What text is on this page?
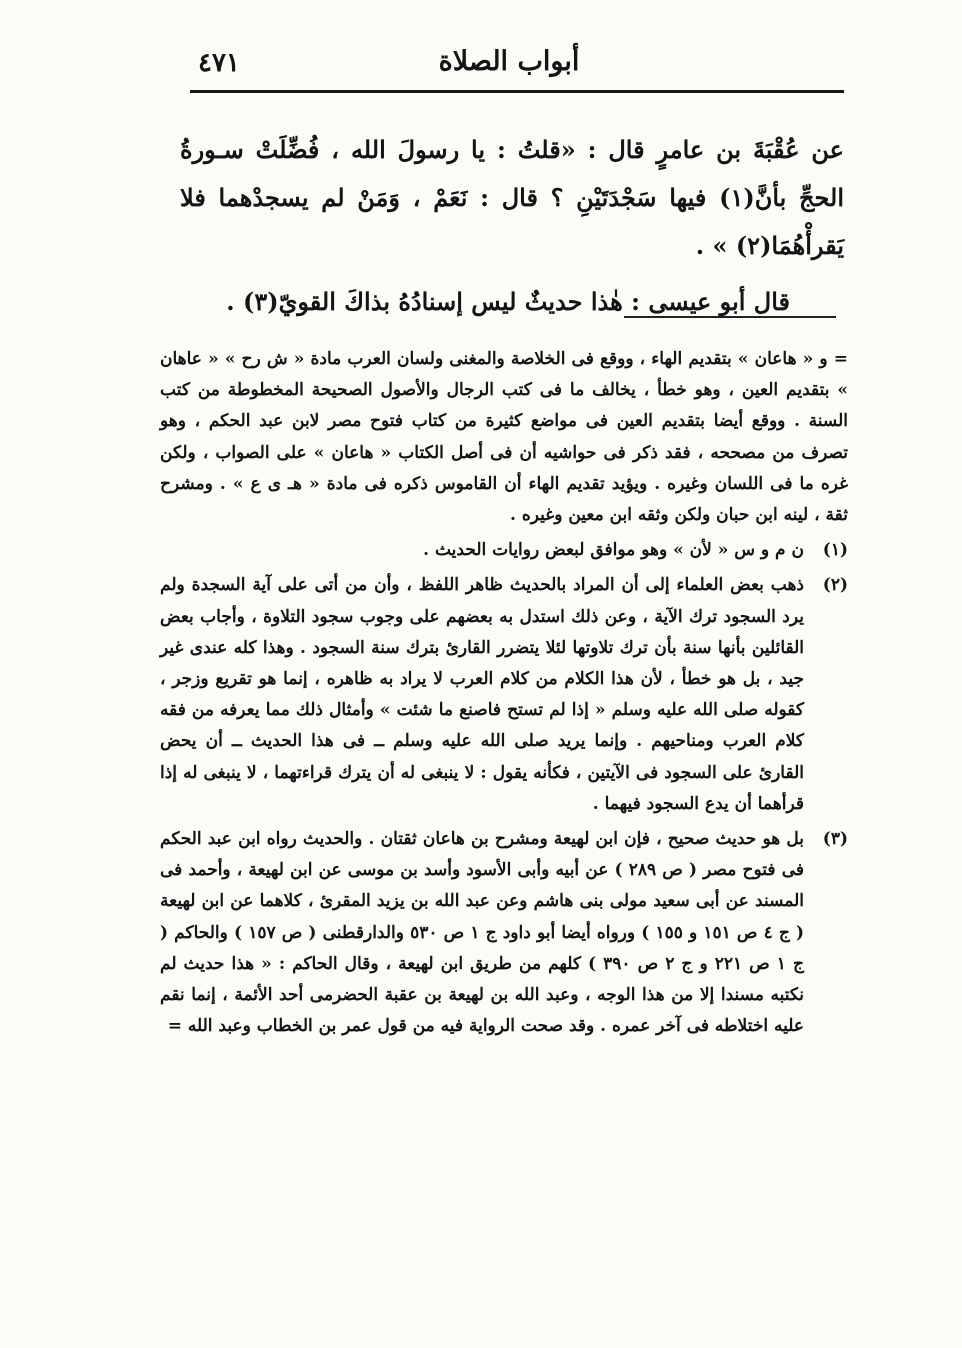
٤٧١	أبواب الصلاة

عن عُقْبَةَ بن عامرٍ قال : «قلتُ : يا رسولَ الله ، فُضِّلَتْ سـورةُ الحجِّ بأنَّ(١) فيها سَجْدَتَيْنِ ؟ قال : نَعَمْ ، وَمَنْ لم يسجدْهما فلا يَقرأْهُمَا(٢) » .

قال أبو عيسى : هٰذا حديثٌ ليس إسنادُهُ بذاكَ القويّ(٣) .

= و « هاعان » بتقديم الهاء ، ووقع فى الخلاصة والمغنى ولسان العرب مادة « ش رح » « عاهان » بتقديم العين ، وهو خطأ ، يخالف ما فى كتب الرجال والأصول الصحيحة المخطوطة من كتب السنة . ووقع أيضا بتقديم العين فى مواضع كثيرة من كتاب فتوح مصر لابن عبد الحكم ، وهو تصرف من مصححه ، فقد ذكر فى حواشيه أن فى أصل الكتاب « هاعان » على الصواب ، ولكن غره ما فى اللسان وغيره . ويؤيد تقديم الهاء أن القاموس ذكره فى مادة « هـ ى ع » . ومشرح ثقة ، لينه ابن حبان ولكن وثقه ابن معين وغيره .
(١)
ن م و س « لأن » وهو موافق لبعض روايات الحديث .
(٢)
ذهب بعض العلماء إلى أن المراد بالحديث ظاهر اللفظ ، وأن من أتى على آية السجدة ولم يرد السجود ترك الآية ، وعن ذلك استدل به بعضهم على وجوب سجود التلاوة ، وأجاب بعض القائلين بأنها سنة بأن ترك تلاوتها لئلا يتضرر القارئ بترك سنة السجود . وهذا كله عندى غير جيد ، بل هو خطأ ، لأن هذا الكلام من كلام العرب لا يراد به ظاهره ، إنما هو تقريع وزجر ، كقوله صلى الله عليه وسلم « إذا لم تستح فاصنع ما شئت » وأمثال ذلك مما يعرفه من فقه كلام العرب ومناحيهم . وإنما يريد صلى الله عليه وسلم ــ فى هذا الحديث ــ أن يحض القارئ على السجود فى الآيتين ، فكأنه يقول : لا ينبغى له أن يترك قراءتهما ، لا ينبغى له إذا قرأهما أن يدع السجود فيهما .
(٣)
بل هو حديث صحيح ، فإن ابن لهيعة ومشرح بن هاعان ثقتان . والحديث رواه ابن عبد الحكم فى فتوح مصر ( ص ٢٨٩ ) عن أبيه وأبى الأسود وأسد بن موسى عن ابن لهيعة ، وأحمد فى المسند عن أبى سعيد مولى بنى هاشم وعن عبد الله بن يزيد المقرئ ، كلاهما عن ابن لهيعة ( ج ٤ ص ١٥١ و ١٥٥ ) ورواه أيضا أبو داود ج ١ ص ٥٣٠ والدارقطنى ( ص ١٥٧ ) والحاكم ( ج ١ ص ٢٢١ و ج ٢ ص ٣٩٠ ) كلهم من طريق ابن لهيعة ، وقال الحاكم : « هذا حديث لم نكتبه مسندا إلا من هذا الوجه ، وعبد الله بن لهيعة بن عقبة الحضرمى أحد الأئمة ، إنما نقم عليه اختلاطه فى آخر عمره . وقد صحت الرواية فيه من قول عمر بن الخطاب وعبد الله =
